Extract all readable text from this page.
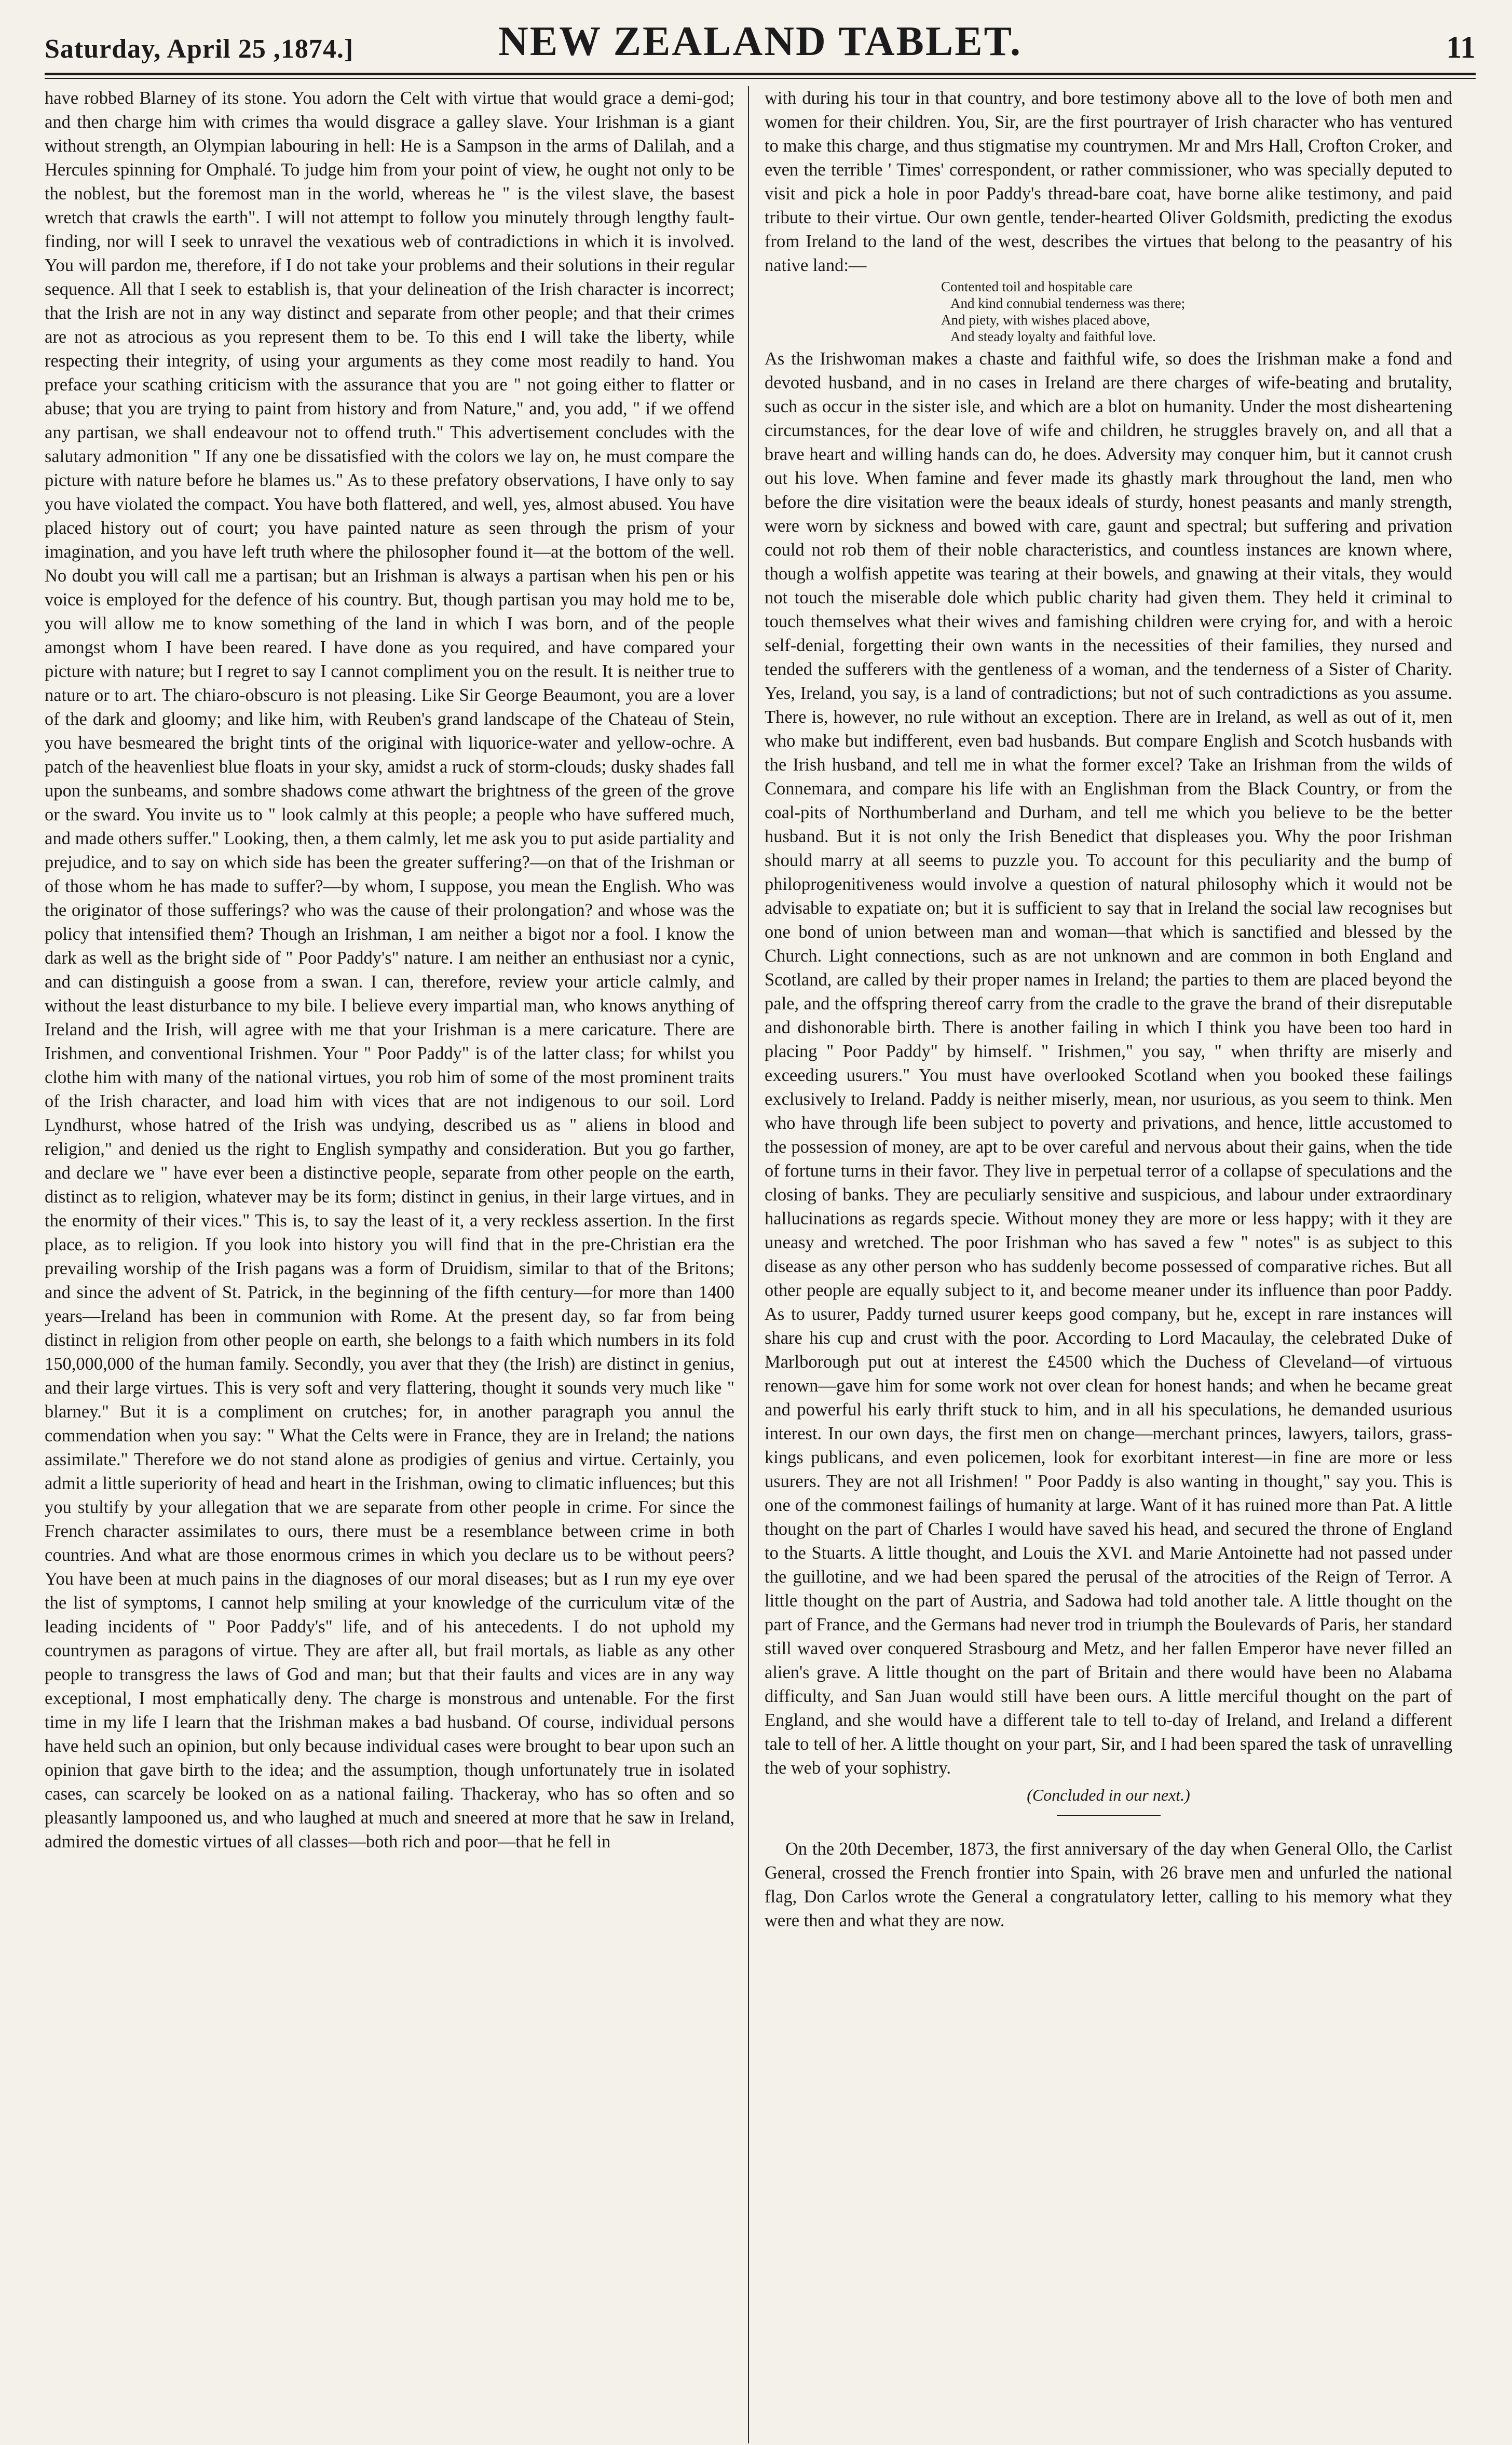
Saturday, April 25 ,1874.]	NEW ZEALAND TABLET.	11

have robbed Blarney of its stone. You adorn the Celt with virtue that would grace a demi-god; and then charge him with crimes tha would disgrace a galley slave. Your Irishman is a giant without strength, an Olympian labouring in hell: He is a Sampson in the arms of Dalilah, and a Hercules spinning for Omphalé. To judge him from your point of view, he ought not only to be the noblest, but the foremost man in the world, whereas he " is the vilest slave, the basest wretch that crawls the earth". I will not attempt to follow you minutely through lengthy fault-finding, nor will I seek to unravel the vexatious web of contradictions in which it is involved. You will pardon me, therefore, if I do not take your problems and their solutions in their regular sequence. All that I seek to establish is, that your delineation of the Irish character is incorrect; that the Irish are not in any way distinct and separate from other people; and that their crimes are not as atrocious as you represent them to be. To this end I will take the liberty, while respecting their integrity, of using your arguments as they come most readily to hand. You preface your scathing criticism with the assurance that you are " not going either to flatter or abuse; that you are trying to paint from history and from Nature," and, you add, " if we offend any partisan, we shall endeavour not to offend truth." This advertisement concludes with the salutary admonition " If any one be dissatisfied with the colors we lay on, he must compare the picture with nature before he blames us." As to these prefatory observations, I have only to say you have violated the compact. You have both flattered, and well, yes, almost abused. You have placed history out of court; you have painted nature as seen through the prism of your imagination, and you have left truth where the philosopher found it—at the bottom of the well. No doubt you will call me a partisan; but an Irishman is always a partisan when his pen or his voice is employed for the defence of his country. But, though partisan you may hold me to be, you will allow me to know something of the land in which I was born, and of the people amongst whom I have been reared. I have done as you required, and have compared your picture with nature; but I regret to say I cannot compliment you on the result. It is neither true to nature or to art. The chiaro-obscuro is not pleasing. Like Sir George Beaumont, you are a lover of the dark and gloomy; and like him, with Reuben's grand landscape of the Chateau of Stein, you have besmeared the bright tints of the original with liquorice-water and yellow-ochre. A patch of the heavenliest blue floats in your sky, amidst a ruck of storm-clouds; dusky shades fall upon the sunbeams, and sombre shadows come athwart the brightness of the green of the grove or the sward. You invite us to " look calmly at this people; a people who have suffered much, and made others suffer." Looking, then, a them calmly, let me ask you to put aside partiality and prejudice, and to say on which side has been the greater suffering?—on that of the Irishman or of those whom he has made to suffer?—by whom, I suppose, you mean the English. Who was the originator of those sufferings? who was the cause of their prolongation? and whose was the policy that intensified them? Though an Irishman, I am neither a bigot nor a fool. I know the dark as well as the bright side of " Poor Paddy's" nature. I am neither an enthusiast nor a cynic, and can distinguish a goose from a swan. I can, therefore, review your article calmly, and without the least disturbance to my bile. I believe every impartial man, who knows anything of Ireland and the Irish, will agree with me that your Irishman is a mere caricature. There are Irishmen, and conventional Irishmen. Your " Poor Paddy" is of the latter class; for whilst you clothe him with many of the national virtues, you rob him of some of the most prominent traits of the Irish character, and load him with vices that are not indigenous to our soil. Lord Lyndhurst, whose hatred of the Irish was undying, described us as " aliens in blood and religion," and denied us the right to English sympathy and consideration. But you go farther, and declare we " have ever been a distinctive people, separate from other people on the earth, distinct as to religion, whatever may be its form; distinct in genius, in their large virtues, and in the enormity of their vices." This is, to say the least of it, a very reckless assertion. In the first place, as to religion. If you look into history you will find that in the pre-Christian era the prevailing worship of the Irish pagans was a form of Druidism, similar to that of the Britons; and since the advent of St. Patrick, in the beginning of the fifth century—for more than 1400 years—Ireland has been in communion with Rome. At the present day, so far from being distinct in religion from other people on earth, she belongs to a faith which numbers in its fold 150,000,000 of the human family. Secondly, you aver that they (the Irish) are distinct in genius, and their large virtues. This is very soft and very flattering, thought it sounds very much like " blarney." But it is a compliment on crutches; for, in another paragraph you annul the commendation when you say: " What the Celts were in France, they are in Ireland; the nations assimilate." Therefore we do not stand alone as prodigies of genius and virtue. Certainly, you admit a little superiority of head and heart in the Irishman, owing to climatic influences; but this you stultify by your allegation that we are separate from other people in crime. For since the French character assimilates to ours, there must be a resemblance between crime in both countries. And what are those enormous crimes in which you declare us to be without peers? You have been at much pains in the diagnoses of our moral diseases; but as I run my eye over the list of symptoms, I cannot help smiling at your knowledge of the curriculum vitæ of the leading incidents of " Poor Paddy's" life, and of his antecedents. I do not uphold my countrymen as paragons of virtue. They are after all, but frail mortals, as liable as any other people to transgress the laws of God and man; but that their faults and vices are in any way exceptional, I most emphatically deny. The charge is monstrous and untenable. For the first time in my life I learn that the Irishman makes a bad husband. Of course, individual persons have held such an opinion, but only because individual cases were brought to bear upon such an opinion that gave birth to the idea; and the assumption, though unfortunately true in isolated cases, can scarcely be looked on as a national failing. Thackeray, who has so often and so pleasantly lampooned us, and who laughed at much and sneered at more that he saw in Ireland, admired the domestic virtues of all classes—both rich and poor—that he fell in

with during his tour in that country, and bore testimony above all to the love of both men and women for their children. You, Sir, are the first pourtrayer of Irish character who has ventured to make this charge, and thus stigmatise my countrymen. Mr and Mrs Hall, Crofton Croker, and even the terrible ' Times' correspondent, or rather commissioner, who was specially deputed to visit and pick a hole in poor Paddy's thread-bare coat, have borne alike testimony, and paid tribute to their virtue. Our own gentle, tender-hearted Oliver Goldsmith, predicting the exodus from Ireland to the land of the west, describes the virtues that belong to the peasantry of his native land:—

Contented toil and hospitable care
And kind connubial tenderness was there;
And piety, with wishes placed above,
And steady loyalty and faithful love.

As the Irishwoman makes a chaste and faithful wife, so does the Irishman make a fond and devoted husband, and in no cases in Ireland are there charges of wife-beating and brutality, such as occur in the sister isle, and which are a blot on humanity. Under the most disheartening circumstances, for the dear love of wife and children, he struggles bravely on, and all that a brave heart and willing hands can do, he does. Adversity may conquer him, but it cannot crush out his love. When famine and fever made its ghastly mark throughout the land, men who before the dire visitation were the beaux ideals of sturdy, honest peasants and manly strength, were worn by sickness and bowed with care, gaunt and spectral; but suffering and privation could not rob them of their noble characteristics, and countless instances are known where, though a wolfish appetite was tearing at their bowels, and gnawing at their vitals, they would not touch the miserable dole which public charity had given them. They held it criminal to touch themselves what their wives and famishing children were crying for, and with a heroic self-denial, forgetting their own wants in the necessities of their families, they nursed and tended the sufferers with the gentleness of a woman, and the tenderness of a Sister of Charity. Yes, Ireland, you say, is a land of contradictions; but not of such contradictions as you assume. There is, however, no rule without an exception. There are in Ireland, as well as out of it, men who make but indifferent, even bad husbands. But compare English and Scotch husbands with the Irish husband, and tell me in what the former excel? Take an Irishman from the wilds of Connemara, and compare his life with an Englishman from the Black Country, or from the coal-pits of Northumberland and Durham, and tell me which you believe to be the better husband. But it is not only the Irish Benedict that displeases you. Why the poor Irishman should marry at all seems to puzzle you. To account for this peculiarity and the bump of philoprogenitiveness would involve a question of natural philosophy which it would not be advisable to expatiate on; but it is sufficient to say that in Ireland the social law recognises but one bond of union between man and woman—that which is sanctified and blessed by the Church. Light connections, such as are not unknown and are common in both England and Scotland, are called by their proper names in Ireland; the parties to them are placed beyond the pale, and the offspring thereof carry from the cradle to the grave the brand of their disreputable and dishonorable birth. There is another failing in which I think you have been too hard in placing " Poor Paddy" by himself. " Irishmen," you say, " when thrifty are miserly and exceeding usurers." You must have overlooked Scotland when you booked these failings exclusively to Ireland. Paddy is neither miserly, mean, nor usurious, as you seem to think. Men who have through life been subject to poverty and privations, and hence, little accustomed to the possession of money, are apt to be over careful and nervous about their gains, when the tide of fortune turns in their favor. They live in perpetual terror of a collapse of speculations and the closing of banks. They are peculiarly sensitive and suspicious, and labour under extraordinary hallucinations as regards specie. Without money they are more or less happy; with it they are uneasy and wretched. The poor Irishman who has saved a few " notes" is as subject to this disease as any other person who has suddenly become possessed of comparative riches. But all other people are equally subject to it, and become meaner under its influence than poor Paddy. As to usurer, Paddy turned usurer keeps good company, but he, except in rare instances will share his cup and crust with the poor. According to Lord Macaulay, the celebrated Duke of Marlborough put out at interest the £4500 which the Duchess of Cleveland—of virtuous renown—gave him for some work not over clean for honest hands; and when he became great and powerful his early thrift stuck to him, and in all his speculations, he demanded usurious interest. In our own days, the first men on change—merchant princes, lawyers, tailors, grass-kings publicans, and even policemen, look for exorbitant interest—in fine are more or less usurers. They are not all Irishmen! " Poor Paddy is also wanting in thought," say you. This is one of the commonest failings of humanity at large. Want of it has ruined more than Pat. A little thought on the part of Charles I would have saved his head, and secured the throne of England to the Stuarts. A little thought, and Louis the XVI. and Marie Antoinette had not passed under the guillotine, and we had been spared the perusal of the atrocities of the Reign of Terror. A little thought on the part of Austria, and Sadowa had told another tale. A little thought on the part of France, and the Germans had never trod in triumph the Boulevards of Paris, her standard still waved over conquered Strasbourg and Metz, and her fallen Emperor have never filled an alien's grave. A little thought on the part of Britain and there would have been no Alabama difficulty, and San Juan would still have been ours. A little merciful thought on the part of England, and she would have a different tale to tell to-day of Ireland, and Ireland a different tale to tell of her. A little thought on your part, Sir, and I had been spared the task of unravelling the web of your sophistry.

(Concluded in our next.)

On the 20th December, 1873, the first anniversary of the day when General Ollo, the Carlist General, crossed the French frontier into Spain, with 26 brave men and unfurled the national flag, Don Carlos wrote the General a congratulatory letter, calling to his memory what they were then and what they are now.
